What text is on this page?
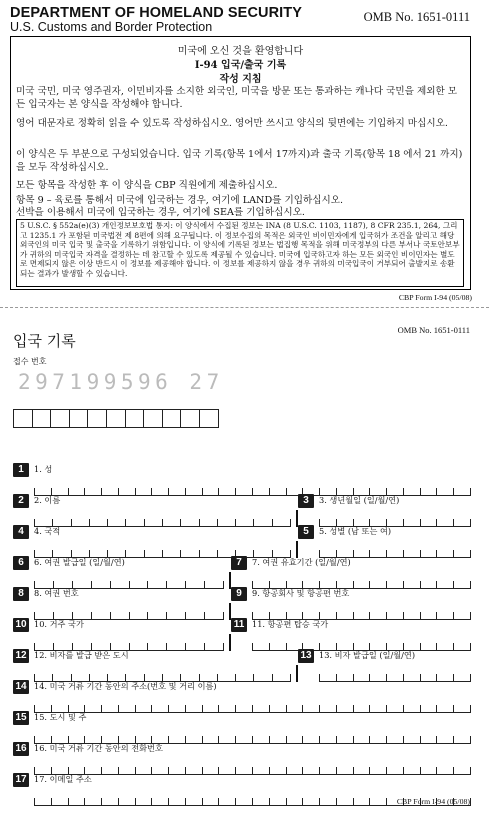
DEPARTMENT OF HOMELAND SECURITY
U.S. Customs and Border Protection
OMB No. 1651-0111
미국에 오신 것을 환영합니다
I-94 입국/출국 기록
작성 지침
미국 국민, 미국 영주권자, 이민비자를 소지한 외국인, 미국을 방문 또는 통과하는 캐나다 국민을 제외한 모든 입국자는 본 양식을 작성해야 합니다.
영어 대문자로 정확히 읽을 수 있도록 작성하십시오. 영어만 쓰시고 양식의 뒷면에는 기입하지 마십시오.
이 양식은 두 부분으로 구성되었습니다. 입국 기록(항목 1에서 17까지)과 출국 기록(항목 18 에서 21 까지)을 모두 작성하십시오.
모든 항목을 작성한 후 이 양식을 CBP 직원에게 제출하십시오.
항목 9 – 육로를 통해서 미국에 입국하는 경우, 여기에 LAND를 기입하십시오.
선박을 이용해서 미국에 입국하는 경우, 여기에 SEA를 기입하십시오.
5 U.S.C. § 552a(e)(3) 개인정보보호법 통지: 이 양식에서 수집된 정보는 INA (8 U.S.C. 1103, 1187), 8 CFR 235.1, 264, 그리고 1235.1 가 포함된 미국법전 제 8편에 의해 요구됩니다. 이 정보수집의 목적은 외국인 비이민자에게 입국허가 조건을 알리고 해당 외국인의 미국 입국 및 출국을 기록하기 위함입니다. 이 양식에 기록된 정보는 법집행 목적을 위해 미국정부의 다른 부서나 국토안보부가 귀하의 미국입국 자격을 결정하는 데 참고할 수 있도록 제공될 수 있습니다. 미국에 입국하고자 하는 모든 외국인 비이민자는 별도로 면제되지 않은 이상 반드시 이 정보를 제공해야 합니다. 이 정보를 제공하지 않을 경우 귀하의 미국입국이 거부되어 출발지로 송환되는 결과가 발생할 수 있습니다.
CBP Form I-94 (05/08)
OMB No. 1651-0111
입국 기록
접수 번호
297199596 27
1	1. 성
2	2. 이름	3	3. 생년월일 (일/월/연)
4	4. 국적	5	5. 성별 (남 또는 여)
6	6. 여권 발급일 (일/월/연)	7	7. 여권 유효기간 (일/월/연)
8	8. 여권 번호	9	9. 항공회사 및 항공편 번호
10 10. 거주 국가	11 11. 항공편 탑승 국가
12 12. 비자를 발급 받은 도시	13 13. 비자 발급일 (일/월/연)
14 14. 미국 거류 기간 동안의 주소(번호 및 거리 이름)
15 15. 도시 및 주
16 16. 미국 거류 기간 동안의 전화번호
17 17. 이메일 주소
CBP Form I-94 (05/08)
